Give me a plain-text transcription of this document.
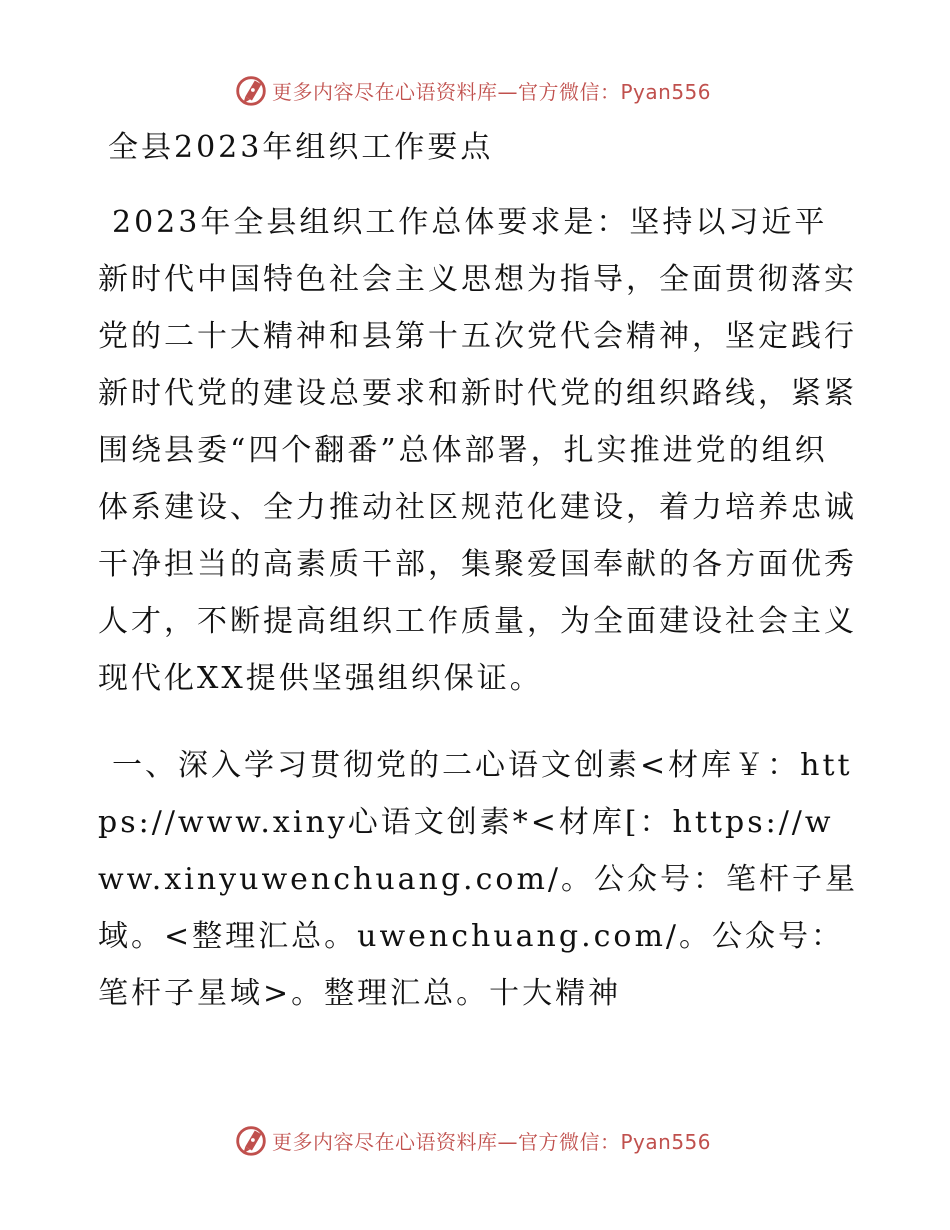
更多内容尽在心语资料库—官方微信：Pyan556
全县2023年组织工作要点

2023年全县组织工作总体要求是：坚持以习近平新时代中国特色社会主义思想为指导，全面贯彻落实党的二十大精神和县第十五次党代会精神，坚定践行新时代党的建设总要求和新时代党的组织路线，紧紧围绕县委“四个翻番”总体部署，扎实推进党的组织体系建设、全力推动社区规范化建设，着力培养忠诚干净担当的高素质干部，集聚爱国奉献的各方面优秀人才，不断提高组织工作质量，为全面建设社会主义现代化XX提供坚强组织保证。

一、深入学习贯彻党的二心语文创素<材库￥：https://www.xiny心语文创素*<材库[：https://www.xinyuwenchuang.com/。公众号：笔杆子星域。<整理汇总。uwenchuang.com/。公众号：笔杆子星域>。整理汇总。十大精神

更多内容尽在心语资料库—官方微信：Pyan556
